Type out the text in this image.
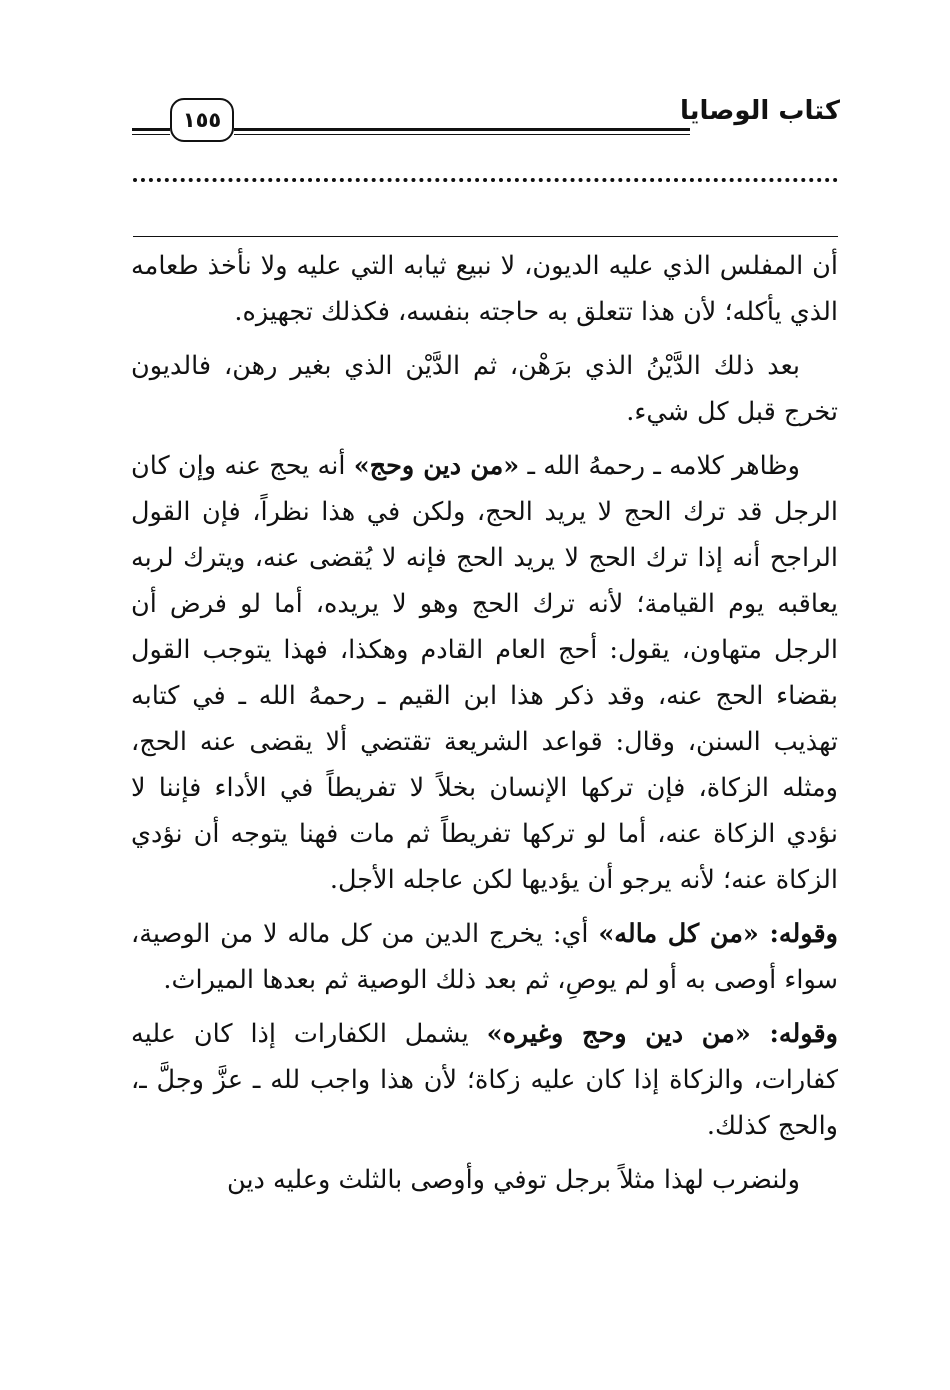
كتاب الوصايا
١٥٥

أن المفلس الذي عليه الديون، لا نبيع ثيابه التي عليه ولا نأخذ طعامه الذي يأكله؛ لأن هذا تتعلق به حاجته بنفسه، فكذلك تجهيزه.

بعد ذلك الدَّيْنُ الذي برَهْن، ثم الدَّيْن الذي بغير رهن، فالديون تخرج قبل كل شيء.

وظاهر كلامه ـ رحمهُ الله ـ «من دين وحج» أنه يحج عنه وإن كان الرجل قد ترك الحج لا يريد الحج، ولكن في هذا نظراً، فإن القول الراجح أنه إذا ترك الحج لا يريد الحج فإنه لا يُقضى عنه، ويترك لربه يعاقبه يوم القيامة؛ لأنه ترك الحج وهو لا يريده، أما لو فرض أن الرجل متهاون، يقول: أحج العام القادم وهكذا، فهذا يتوجب القول بقضاء الحج عنه، وقد ذكر هذا ابن القيم ـ رحمهُ الله ـ في كتابه تهذيب السنن، وقال: قواعد الشريعة تقتضي ألا يقضى عنه الحج، ومثله الزكاة، فإن تركها الإنسان بخلاً لا تفريطاً في الأداء فإننا لا نؤدي الزكاة عنه، أما لو تركها تفريطاً ثم مات فهنا يتوجه أن نؤدي الزكاة عنه؛ لأنه يرجو أن يؤديها لكن عاجله الأجل.

وقوله: «من كل ماله» أي: يخرج الدين من كل ماله لا من الوصية، سواء أوصى به أو لم يوصِ، ثم بعد ذلك الوصية ثم بعدها الميراث.

وقوله: «من دين وحج وغيره» يشمل الكفارات إذا كان عليه كفارات، والزكاة إذا كان عليه زكاة؛ لأن هذا واجب لله ـ عزَّ وجلَّ ـ، والحج كذلك.

ولنضرب لهذا مثلاً برجل توفي وأوصى بالثلث وعليه دين
